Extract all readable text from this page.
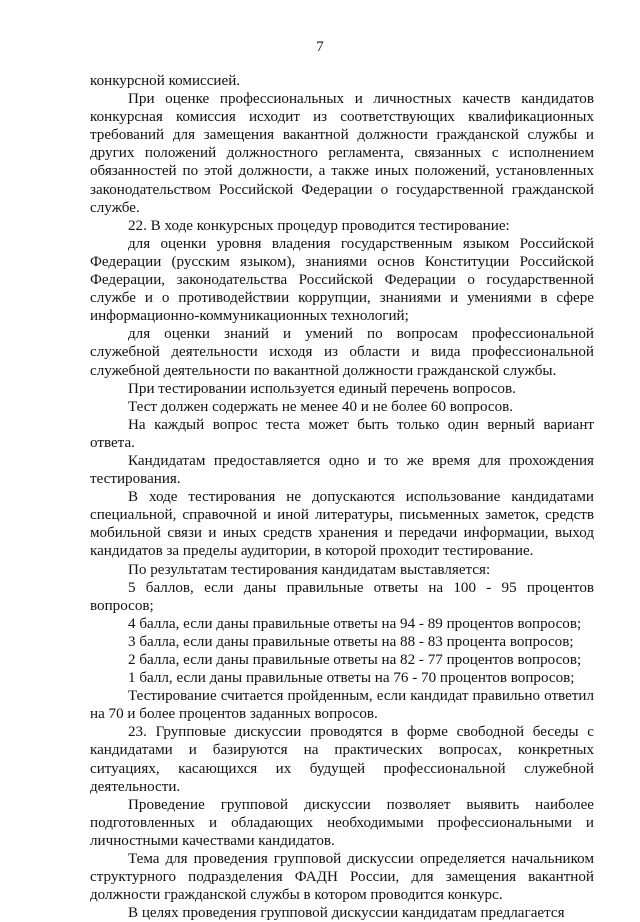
7

конкурсной комиссией.

При оценке профессиональных и личностных качеств кандидатов конкурсная комиссия исходит из соответствующих квалификационных требований для замещения вакантной должности гражданской службы и других положений должностного регламента, связанных с исполнением обязанностей по этой должности, а также иных положений, установленных законодательством Российской Федерации о государственной гражданской службе.

22. В ходе конкурсных процедур проводится тестирование:

для оценки уровня владения государственным языком Российской Федерации (русским языком), знаниями основ Конституции Российской Федерации, законодательства Российской Федерации о государственной службе и о противодействии коррупции, знаниями и умениями в сфере информационно-коммуникационных технологий;

для оценки знаний и умений по вопросам профессиональной служебной деятельности исходя из области и вида профессиональной служебной деятельности по вакантной должности гражданской службы.

При тестировании используется единый перечень вопросов.

Тест должен содержать не менее 40 и не более 60 вопросов.

На каждый вопрос теста может быть только один верный вариант ответа.

Кандидатам предоставляется одно и то же время для прохождения тестирования.

В ходе тестирования не допускаются использование кандидатами специальной, справочной и иной литературы, письменных заметок, средств мобильной связи и иных средств хранения и передачи информации, выход кандидатов за пределы аудитории, в которой проходит тестирование.

По результатам тестирования кандидатам выставляется:

5 баллов, если даны правильные ответы на 100 - 95 процентов вопросов;

4 балла, если даны правильные ответы на 94 - 89 процентов вопросов;

3 балла, если даны правильные ответы на 88 - 83 процента вопросов;

2 балла, если даны правильные ответы на 82 - 77 процентов вопросов;

1 балл, если даны правильные ответы на 76 - 70 процентов вопросов;

Тестирование считается пройденным, если кандидат правильно ответил на 70 и более процентов заданных вопросов.

23. Групповые дискуссии проводятся в форме свободной беседы с кандидатами и базируются на практических вопросах, конкретных ситуациях, касающихся их будущей профессиональной служебной деятельности.

Проведение групповой дискуссии позволяет выявить наиболее подготовленных и обладающих необходимыми профессиональными и личностными качествами кандидатов.

Тема для проведения групповой дискуссии определяется начальником структурного подразделения ФАДН России, для замещения вакантной должности гражданской службы в котором проводится конкурс.

В целях проведения групповой дискуссии кандидатам предлагается
